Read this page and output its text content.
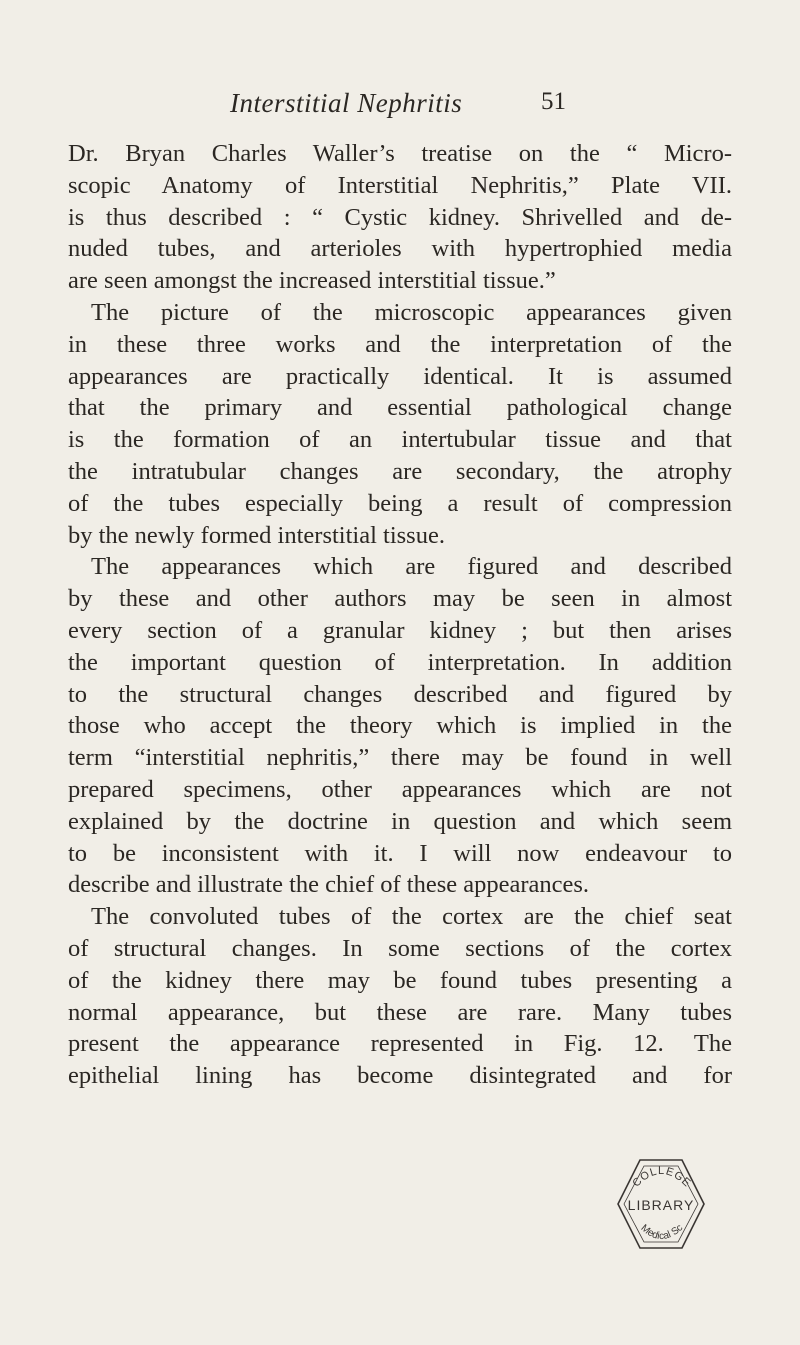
Interstitial Nephritis	51
Dr. Bryan Charles Waller’s treatise on the “ Micro-
scopic Anatomy of Interstitial Nephritis,” Plate VII.
is thus described : “ Cystic kidney. Shrivelled and de-
nuded tubes, and arterioles with hypertrophied media
are seen amongst the increased interstitial tissue.”
The picture of the microscopic appearances given
in these three works and the interpretation of the
appearances are practically identical. It is assumed
that the primary and essential pathological change
is the formation of an intertubular tissue and that
the intratubular changes are secondary, the atrophy
of the tubes especially being a result of compression
by the newly formed interstitial tissue.
The appearances which are figured and described
by these and other authors may be seen in almost
every section of a granular kidney ; but then arises
the important question of interpretation. In addition
to the structural changes described and figured by
those who accept the theory which is implied in the
term “interstitial nephritis,” there may be found in well
prepared specimens, other appearances which are not
explained by the doctrine in question and which seem
to be inconsistent with it. I will now endeavour to
describe and illustrate the chief of these appearances.
The convoluted tubes of the cortex are the chief seat
of structural changes. In some sections of the cortex
of the kidney there may be found tubes presenting a
normal appearance, but these are rare. Many tubes
present the appearance represented in Fig. 12. The
epithelial lining has become disintegrated and for
COLLEGE
LIBRARY
Medical Sc
